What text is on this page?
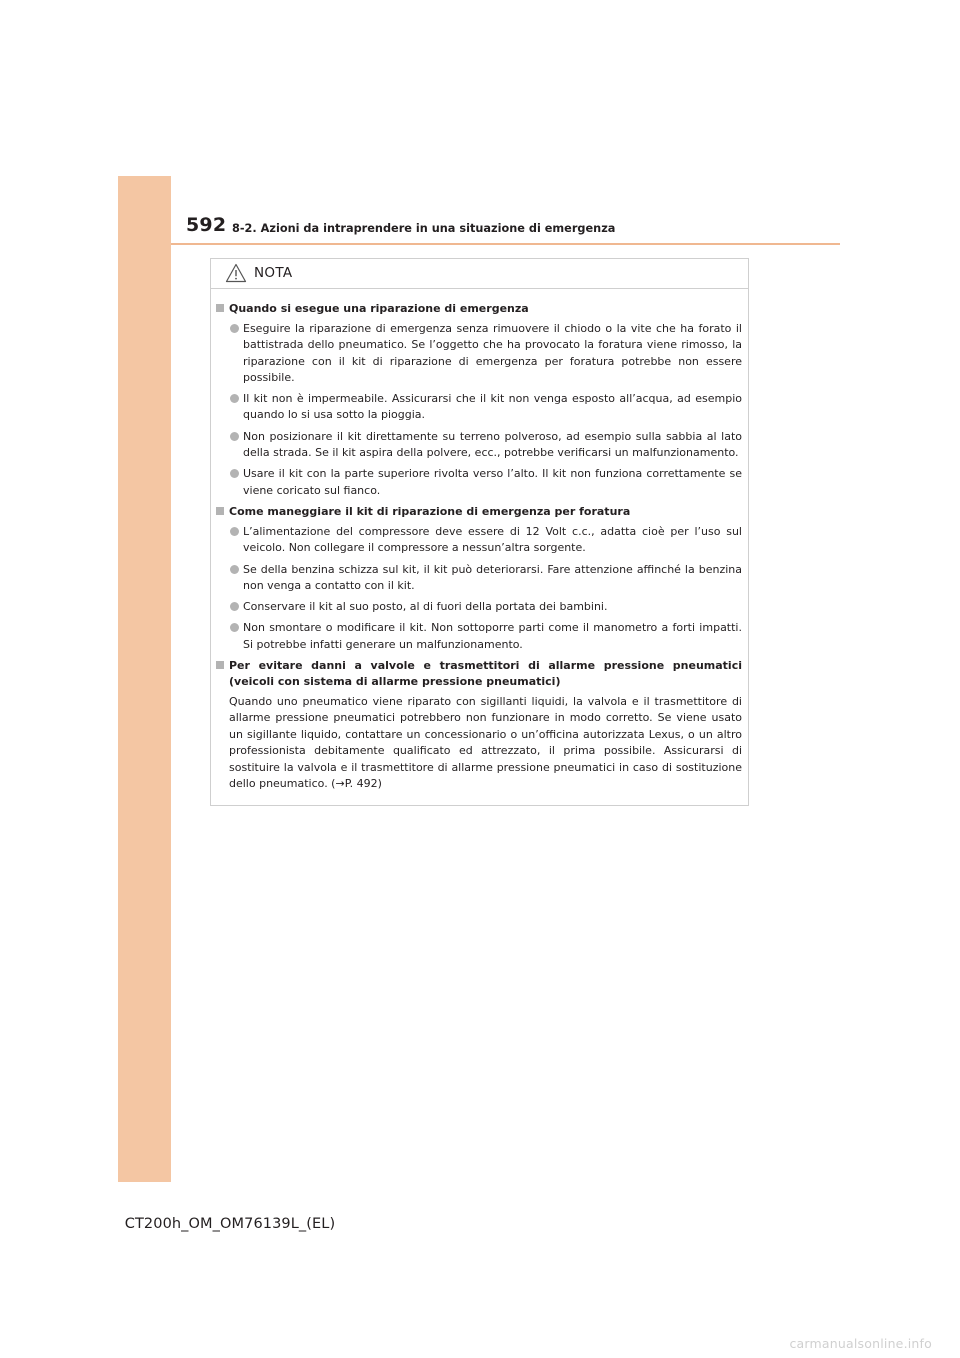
592 8-2. Azioni da intraprendere in una situazione di emergenza
NOTA
Quando si esegue una riparazione di emergenza
Eseguire la riparazione di emergenza senza rimuovere il chiodo o la vite che ha forato il battistrada dello pneumatico. Se l’oggetto che ha provocato la foratura viene rimosso, la riparazione con il kit di riparazione di emergenza per foratura potrebbe non essere possibile.
Il kit non è impermeabile. Assicurarsi che il kit non venga esposto all’acqua, ad esempio quando lo si usa sotto la pioggia.
Non posizionare il kit direttamente su terreno polveroso, ad esempio sulla sabbia al lato della strada. Se il kit aspira della polvere, ecc., potrebbe verificarsi un malfunzionamento.
Usare il kit con la parte superiore rivolta verso l’alto. Il kit non funziona correttamente se viene coricato sul fianco.
Come maneggiare il kit di riparazione di emergenza per foratura
L’alimentazione del compressore deve essere di 12 Volt c.c., adatta cioè per l’uso sul veicolo. Non collegare il compressore a nessun’altra sorgente.
Se della benzina schizza sul kit, il kit può deteriorarsi. Fare attenzione affinché la benzina non venga a contatto con il kit.
Conservare il kit al suo posto, al di fuori della portata dei bambini.
Non smontare o modificare il kit. Non sottoporre parti come il manometro a forti impatti. Si potrebbe infatti generare un malfunzionamento.
Per evitare danni a valvole e trasmettitori di allarme pressione pneumatici (veicoli con sistema di allarme pressione pneumatici)
Quando uno pneumatico viene riparato con sigillanti liquidi, la valvola e il trasmettitore di allarme pressione pneumatici potrebbero non funzionare in modo corretto. Se viene usato un sigillante liquido, contattare un concessionario o un’officina autorizzata Lexus, o un altro professionista debitamente qualificato ed attrezzato, il prima possibile. Assicurarsi di sostituire la valvola e il trasmettitore di allarme pressione pneumatici in caso di sostituzione dello pneumatico. (→P. 492)
CT200h_OM_OM76139L_(EL)
carmanualsonline.info
